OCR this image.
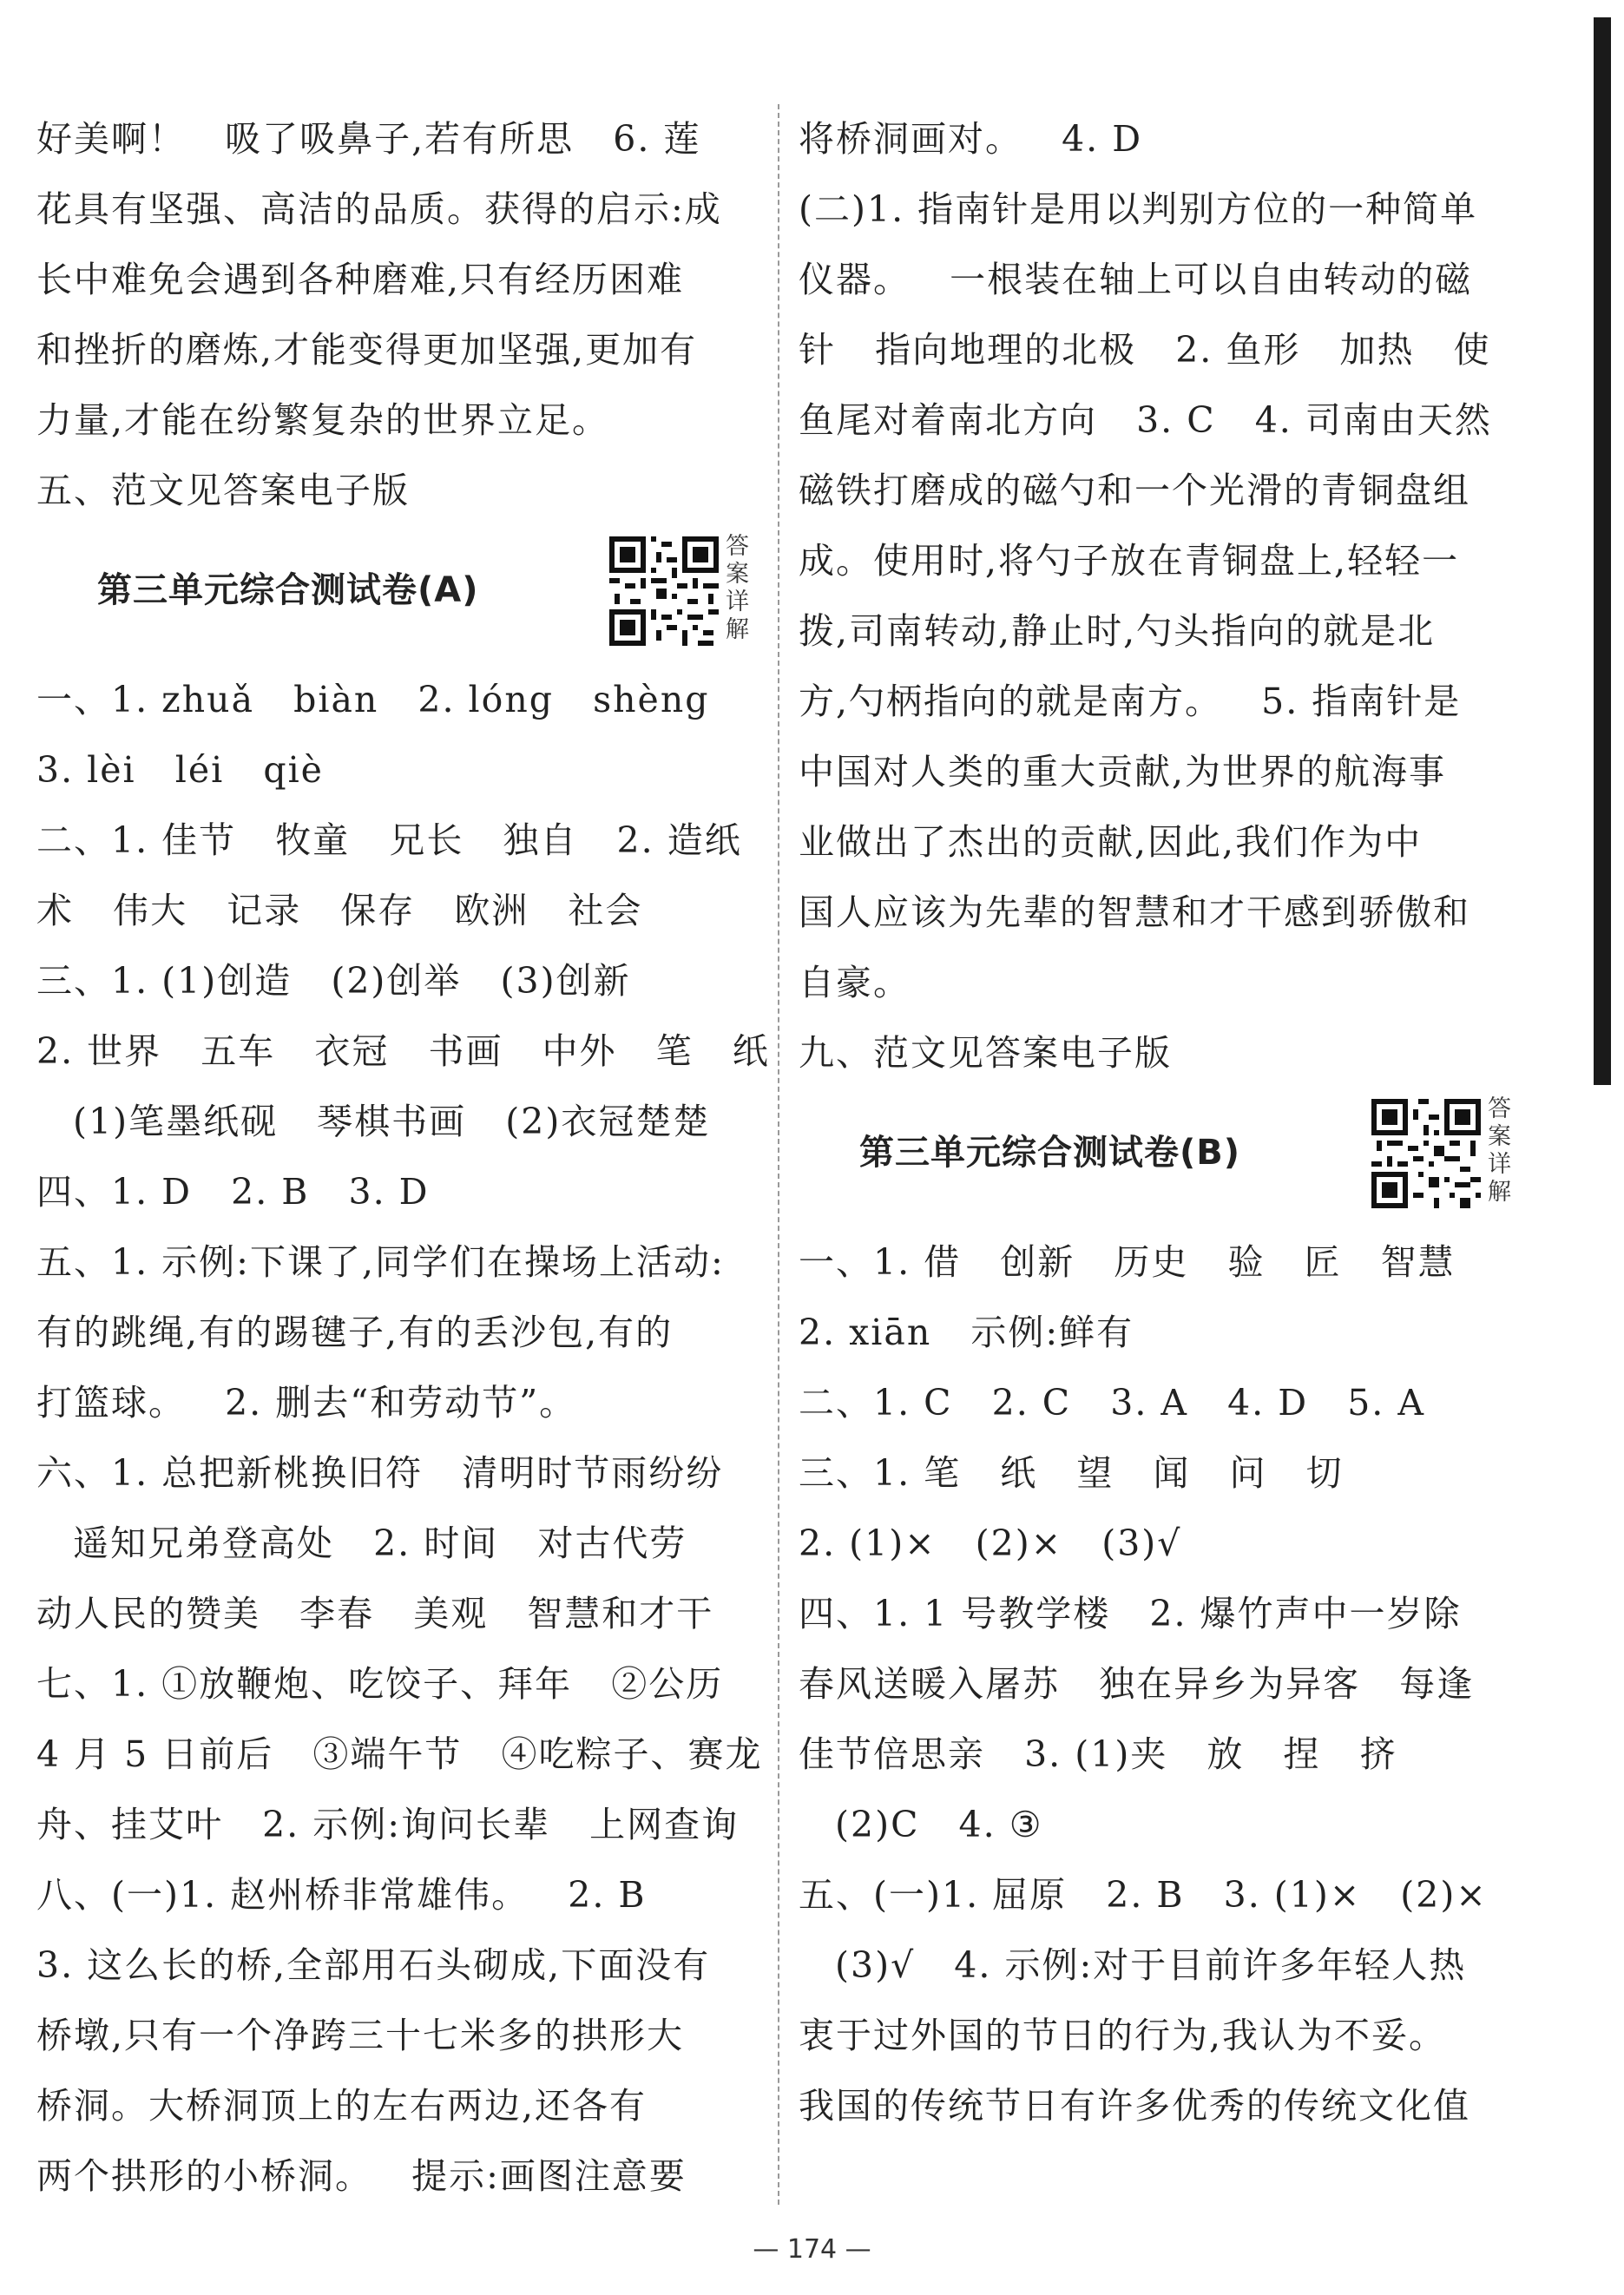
好美啊！   吸了吸鼻子,若有所思   6. 莲
花具有坚强、高洁的品质。获得的启示:成
长中难免会遇到各种磨难,只有经历困难
和挫折的磨炼,才能变得更加坚强,更加有
力量,才能在纷繁复杂的世界立足。
五、范文见答案电子版
第三单元综合测试卷(A)
答
案
详
解
一、1. zhuǎ   biàn   2. lóng   shèng
3. lèi   léi   qiè
二、1. 佳节   牧童   兄长   独自   2. 造纸
术   伟大   记录   保存   欧洲   社会
三、1. (1)创造   (2)创举   (3)创新
2. 世界   五车   衣冠   书画   中外   笔   纸
(1)笔墨纸砚   琴棋书画   (2)衣冠楚楚
四、1. D   2. B   3. D
五、1. 示例:下课了,同学们在操场上活动:
有的跳绳,有的踢毽子,有的丢沙包,有的
打篮球。   2. 删去“和劳动节”。
六、1. 总把新桃换旧符   清明时节雨纷纷
遥知兄弟登高处   2. 时间   对古代劳
动人民的赞美   李春   美观   智慧和才干
七、1. ①放鞭炮、吃饺子、拜年   ②公历
4 月 5 日前后   ③端午节   ④吃粽子、赛龙
舟、挂艾叶   2. 示例:询问长辈   上网查询
八、(一)1. 赵州桥非常雄伟。   2. B
3. 这么长的桥,全部用石头砌成,下面没有
桥墩,只有一个净跨三十七米多的拱形大
桥洞。大桥洞顶上的左右两边,还各有
两个拱形的小桥洞。   提示:画图注意要
将桥洞画对。   4. D
(二)1. 指南针是用以判别方位的一种简单
仪器。   一根装在轴上可以自由转动的磁
针   指向地理的北极   2. 鱼形   加热   使
鱼尾对着南北方向   3. C   4. 司南由天然
磁铁打磨成的磁勺和一个光滑的青铜盘组
成。使用时,将勺子放在青铜盘上,轻轻一
拨,司南转动,静止时,勺头指向的就是北
方,勺柄指向的就是南方。   5. 指南针是
中国对人类的重大贡献,为世界的航海事
业做出了杰出的贡献,因此,我们作为中
国人应该为先辈的智慧和才干感到骄傲和
自豪。
九、范文见答案电子版
第三单元综合测试卷(B)
答
案
详
解
一、1. 借   创新   历史   验   匠   智慧
2. xiān   示例:鲜有
二、1. C   2. C   3. A   4. D   5. A
三、1. 笔   纸   望   闻   问   切
2. (1)×   (2)×   (3)√
四、1. 1 号教学楼   2. 爆竹声中一岁除
春风送暖入屠苏   独在异乡为异客   每逢
佳节倍思亲   3. (1)夹   放   捏   挤
(2)C   4. ③
五、(一)1. 屈原   2. B   3. (1)×   (2)×
(3)√   4. 示例:对于目前许多年轻人热
衷于过外国的节日的行为,我认为不妥。
我国的传统节日有许多优秀的传统文化值
— 174 —
